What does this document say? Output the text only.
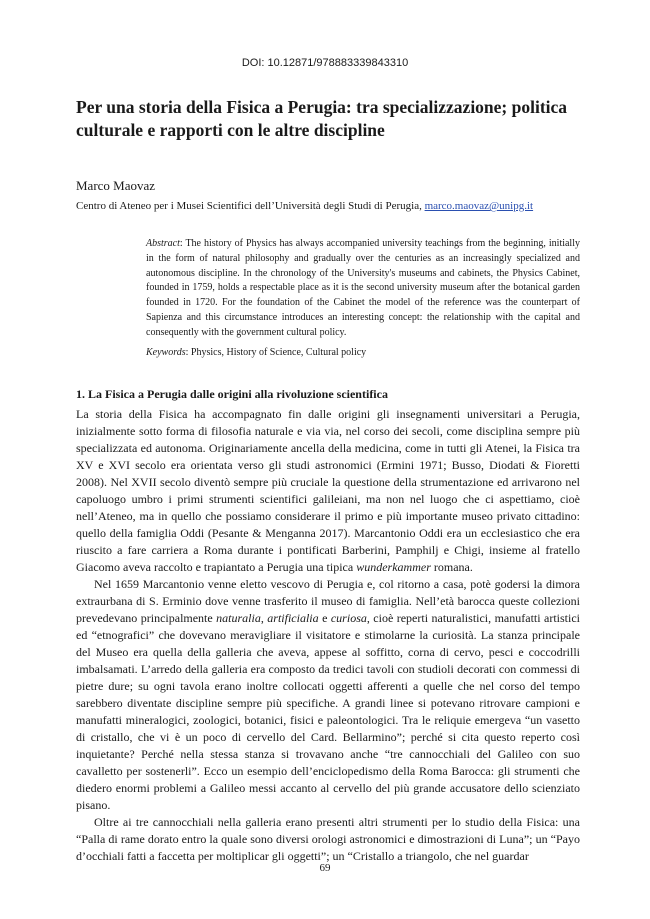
DOI: 10.12871/978883339843310
Per una storia della Fisica a Perugia: tra specializzazione; politica culturale e rapporti con le altre discipline
Marco Maovaz
Centro di Ateneo per i Musei Scientifici dell’Università degli Studi di Perugia, marco.maovaz@unipg.it

Abstract: The history of Physics has always accompanied university teachings from the beginning, initially in the form of natural philosophy and gradually over the centuries as an increasingly specialized and autonomous discipline. In the chronology of the University's museums and cabinets, the Physics Cabinet, founded in 1759, holds a respectable place as it is the second university museum after the botanical garden founded in 1720. For the foundation of the Cabinet the model of the reference was the counterpart of Sapienza and this circumstance introduces an interesting concept: the relationship with the capital and consequently with the government cultural policy.

Keywords: Physics, History of Science, Cultural policy
1. La Fisica a Perugia dalle origini alla rivoluzione scientifica

La storia della Fisica ha accompagnato fin dalle origini gli insegnamenti universitari a Perugia, inizialmente sotto forma di filosofia naturale e via via, nel corso dei secoli, come disciplina sempre più specializzata ed autonoma. Originariamente ancella della medicina, come in tutti gli Atenei, la Fisica tra XV e XVI secolo era orientata verso gli studi astronomici (Ermini 1971; Busso, Diodati & Fioretti 2008). Nel XVII secolo diventò sempre più cruciale la questione della strumentazione ed arrivarono nel capoluogo umbro i primi strumenti scientifici galileiani, ma non nel luogo che ci aspettiamo, cioè nell’Ateneo, ma in quello che possiamo considerare il primo e più importante museo privato cittadino: quello della famiglia Oddi (Pesante & Menganna 2017). Marcantonio Oddi era un ecclesiastico che era riuscito a fare carriera a Roma durante i pontificati Barberini, Pamphilj e Chigi, insieme al fratello Giacomo aveva raccolto e trapiantato a Perugia una tipica wunderkammer romana.

Nel 1659 Marcantonio venne eletto vescovo di Perugia e, col ritorno a casa, potè godersi la dimora extraurbana di S. Erminio dove venne trasferito il museo di famiglia. Nell’età barocca queste collezioni prevedevano principalmente naturalia, artificialia e curiosa, cioè reperti naturalistici, manufatti artistici ed “etnografici” che dovevano meravigliare il visitatore e stimolarne la curiosità. La stanza principale del Museo era quella della galleria che aveva, appese al soffitto, corna di cervo, pesci e coccodrilli imbalsamati. L’arredo della galleria era composto da tredici tavoli con studioli decorati con commessi di pietre dure; su ogni tavola erano inoltre collocati oggetti afferenti a quelle che nel corso del tempo sarebbero diventate discipline sempre più specifiche. A grandi linee si potevano ritrovare campioni e manufatti mineralogici, zoologici, botanici, fisici e paleontologici. Tra le reliquie emergeva “un vasetto di cristallo, che vi è un poco di cervello del Card. Bellarmino”; perché si cita questo reperto così inquietante? Perché nella stessa stanza si trovavano anche “tre cannocchiali del Galileo con suo cavalletto per sostenerli”. Ecco un esempio dell’enciclopedismo della Roma Barocca: gli strumenti che diedero enormi problemi a Galileo messi accanto al cervello del più grande accusatore dello scienziato pisano.

Oltre ai tre cannocchiali nella galleria erano presenti altri strumenti per lo studio della Fisica: una “Palla di rame dorato entro la quale sono diversi orologi astronomici e dimostrazioni di Luna”; un “Payo d’occhiali fatti a faccetta per moltiplicar gli oggetti”; un “Cristallo a triangolo, che nel guardar

69
